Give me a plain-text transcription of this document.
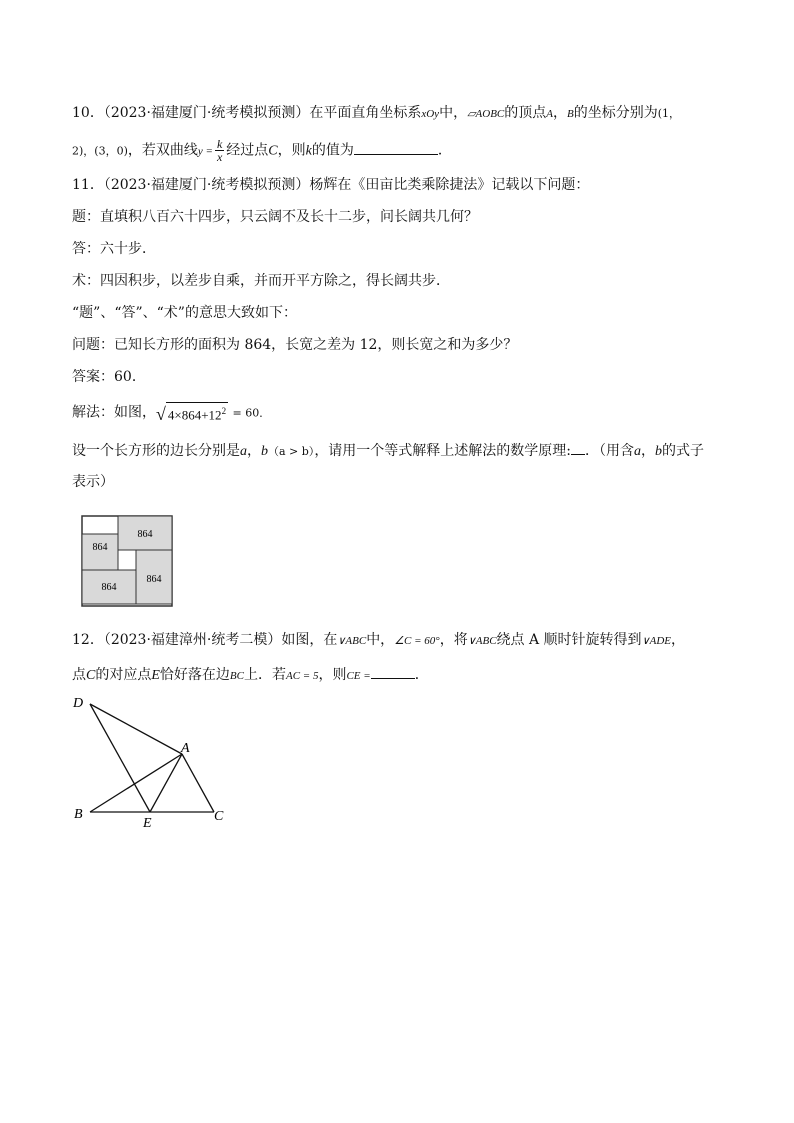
10．（2023·福建厦门·统考模拟预测）在平面直角坐标系xOy中，▱AOBC的顶点A，B的坐标分别为(1，
2)，(3，0)，若双曲线$y = \frac{k}{x}$ 经过点C，则k的值为	．
11．（2023·福建厦门·统考模拟预测）杨辉在《田亩比类乘除捷法》记载以下问题：
题：直填积八百六十四步，只云阔不及长十二步，问长阔共几何？
答：六十步．
术：四因积步，以差步自乘，并而开平方除之，得长阔共步．
“题”、“答”、“术”的意思大致如下：
问题：已知长方形的面积为 864，长宽之差为 12，则长宽之和为多少？
答案：60．
解法：如图， √ $4\times 864+12^2 = 60$．
设一个长方形的边长分别是a，b（a > b），请用一个等式解释上述解法的数学原理: ．（用含a，b的式子
表示）
864
864
864
864
12．（2023·福建漳州·统考二模）如图，在∨ABC中，∠C = 60°，将∨ABC绕点 A 顺时针旋转得到∨ADE，
点C的对应点E恰好落在边BC上．若AC = 5，则CE =	．
D
A
B
E	C
